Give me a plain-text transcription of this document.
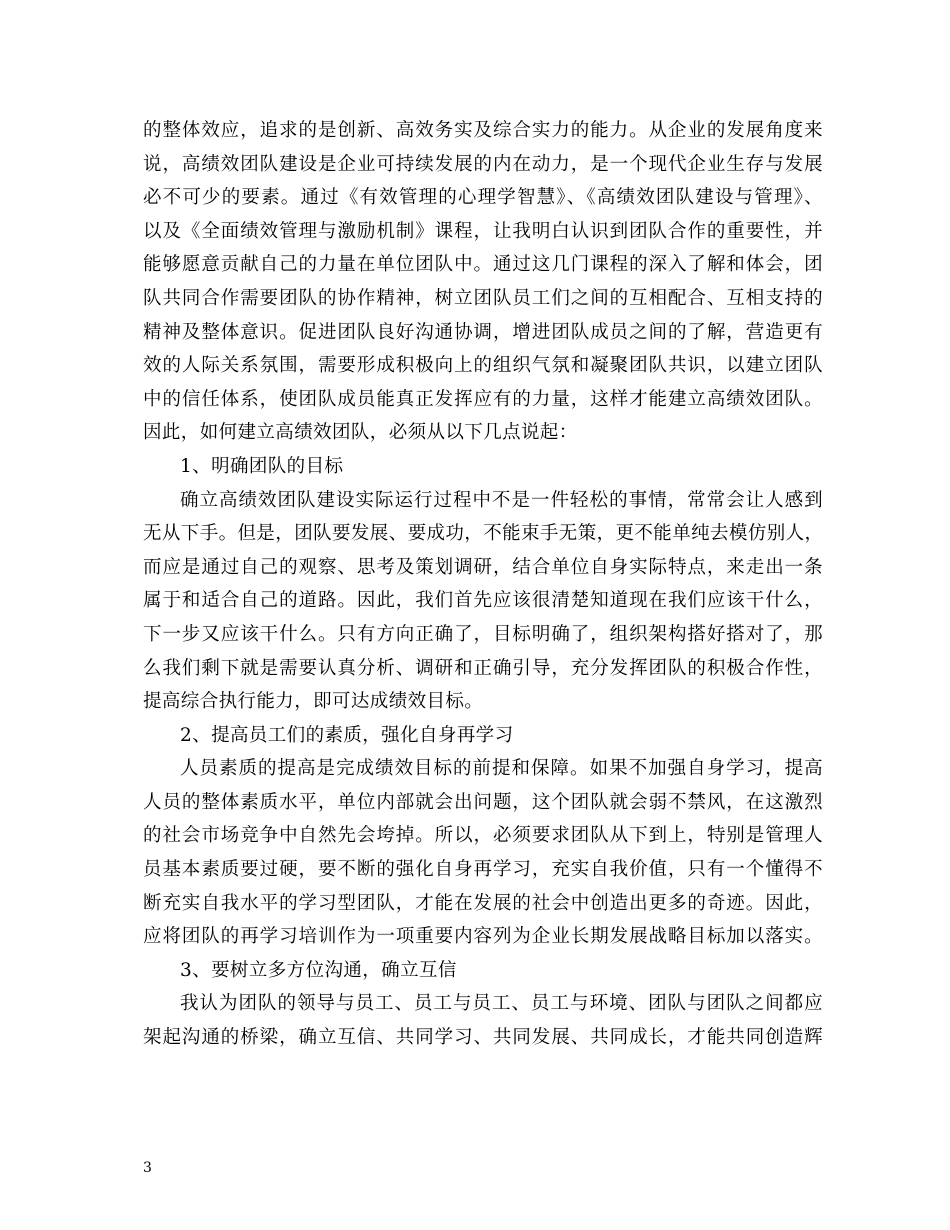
的整体效应，追求的是创新、高效务实及综合实力的能力。从企业的发展角度来
说，高绩效团队建设是企业可持续发展的内在动力，是一个现代企业生存与发展
必不可少的要素。通过《有效管理的心理学智慧》、《高绩效团队建设与管理》、
以及《全面绩效管理与激励机制》课程，让我明白认识到团队合作的重要性，并
能够愿意贡献自己的力量在单位团队中。通过这几门课程的深入了解和体会，团
队共同合作需要团队的协作精神，树立团队员工们之间的互相配合、互相支持的
精神及整体意识。促进团队良好沟通协调，增进团队成员之间的了解，营造更有
效的人际关系氛围，需要形成积极向上的组织气氛和凝聚团队共识，以建立团队
中的信任体系，使团队成员能真正发挥应有的力量，这样才能建立高绩效团队。
因此，如何建立高绩效团队，必须从以下几点说起：
1、明确团队的目标
确立高绩效团队建设实际运行过程中不是一件轻松的事情，常常会让人感到
无从下手。但是，团队要发展、要成功，不能束手无策，更不能单纯去模仿别人，
而应是通过自己的观察、思考及策划调研，结合单位自身实际特点，来走出一条
属于和适合自己的道路。因此，我们首先应该很清楚知道现在我们应该干什么，
下一步又应该干什么。只有方向正确了，目标明确了，组织架构搭好搭对了，那
么我们剩下就是需要认真分析、调研和正确引导，充分发挥团队的积极合作性，
提高综合执行能力，即可达成绩效目标。
2、提高员工们的素质，强化自身再学习
人员素质的提高是完成绩效目标的前提和保障。如果不加强自身学习，提高
人员的整体素质水平，单位内部就会出问题，这个团队就会弱不禁风，在这激烈
的社会市场竞争中自然先会垮掉。所以，必须要求团队从下到上，特别是管理人
员基本素质要过硬，要不断的强化自身再学习，充实自我价值，只有一个懂得不
断充实自我水平的学习型团队，才能在发展的社会中创造出更多的奇迹。因此，
应将团队的再学习培训作为一项重要内容列为企业长期发展战略目标加以落实。
3、要树立多方位沟通，确立互信
我认为团队的领导与员工、员工与员工、员工与环境、团队与团队之间都应
架起沟通的桥梁，确立互信、共同学习、共同发展、共同成长，才能共同创造辉
3
